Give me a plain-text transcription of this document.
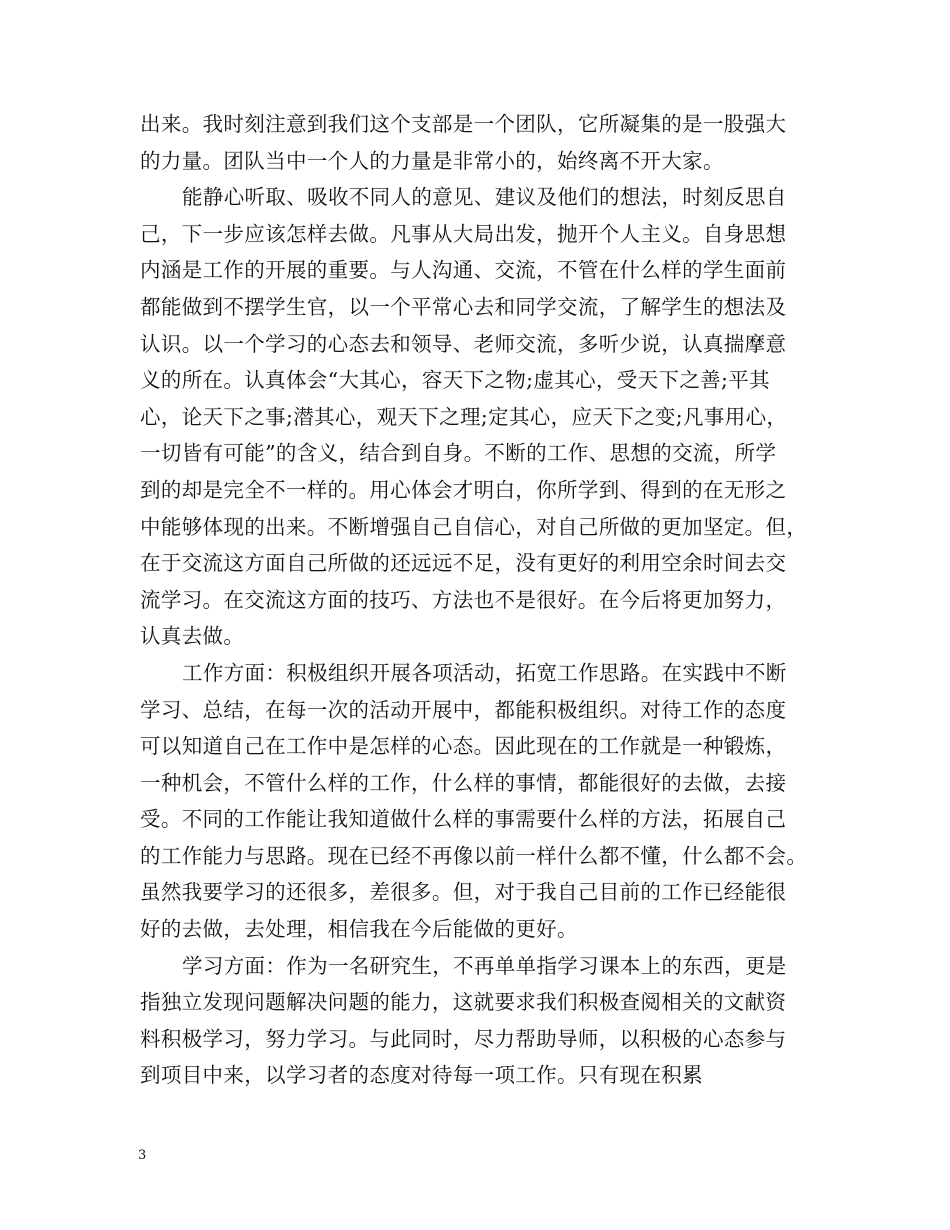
出来。我时刻注意到我们这个支部是一个团队，它所凝集的是一股强大
的力量。团队当中一个人的力量是非常小的，始终离不开大家。
能静心听取、吸收不同人的意见、建议及他们的想法，时刻反思自
己，下一步应该怎样去做。凡事从大局出发，抛开个人主义。自身思想
内涵是工作的开展的重要。与人沟通、交流，不管在什么样的学生面前
都能做到不摆学生官，以一个平常心去和同学交流，了解学生的想法及
认识。以一个学习的心态去和领导、老师交流，多听少说，认真揣摩意
义的所在。认真体会“大其心，容天下之物;虚其心，受天下之善;平其
心，论天下之事;潜其心，观天下之理;定其心，应天下之变;凡事用心，
一切皆有可能”的含义，结合到自身。不断的工作、思想的交流，所学
到的却是完全不一样的。用心体会才明白，你所学到、得到的在无形之
中能够体现的出来。不断增强自己自信心，对自己所做的更加坚定。但，
在于交流这方面自己所做的还远远不足，没有更好的利用空余时间去交
流学习。在交流这方面的技巧、方法也不是很好。在今后将更加努力，
认真去做。
工作方面：积极组织开展各项活动，拓宽工作思路。在实践中不断
学习、总结，在每一次的活动开展中，都能积极组织。对待工作的态度
可以知道自己在工作中是怎样的心态。因此现在的工作就是一种锻炼，
一种机会，不管什么样的工作，什么样的事情，都能很好的去做，去接
受。不同的工作能让我知道做什么样的事需要什么样的方法，拓展自己
的工作能力与思路。现在已经不再像以前一样什么都不懂，什么都不会。
虽然我要学习的还很多，差很多。但，对于我自己目前的工作已经能很
好的去做，去处理，相信我在今后能做的更好。
学习方面：作为一名研究生，不再单单指学习课本上的东西，更是
指独立发现问题解决问题的能力，这就要求我们积极查阅相关的文献资
料积极学习，努力学习。与此同时，尽力帮助导师，以积极的心态参与
到项目中来，以学习者的态度对待每一项工作。只有现在积累
3
